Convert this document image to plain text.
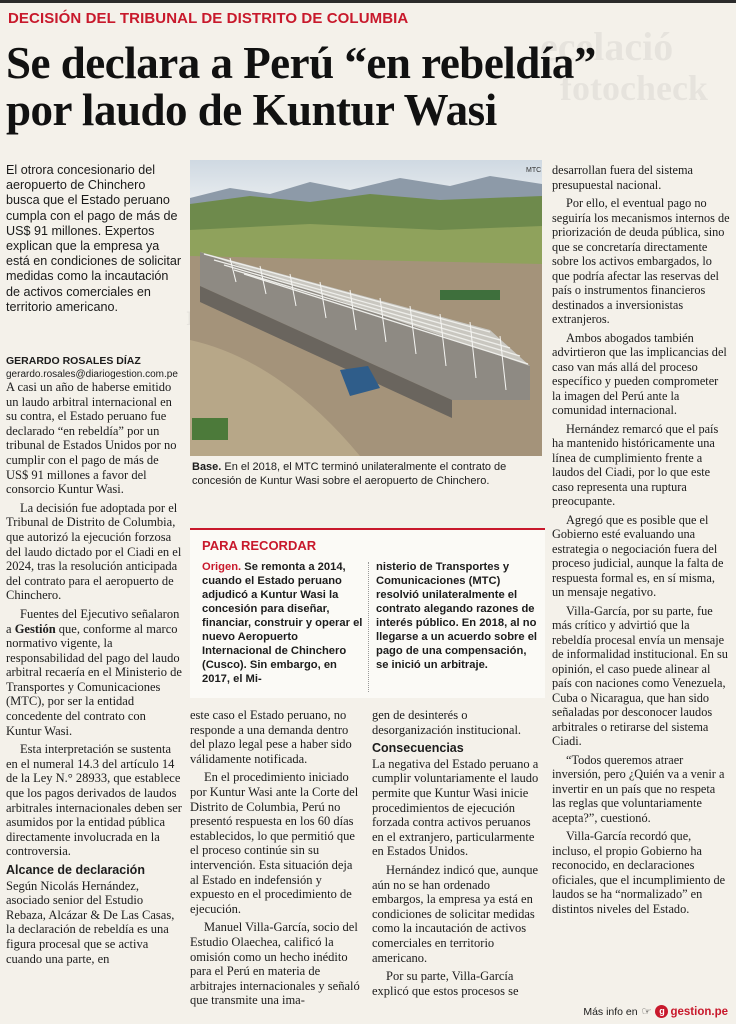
ecelació
fotocheck
DECISIÓN DEL TRIBUNAL DE DISTRITO DE COLUMBIA
Se declara a Perú “en rebeldía”
por laudo de Kuntur Wasi
El otrora concesionario del aeropuerto de Chinchero busca que el Estado peruano cumpla con el pago de más de US$ 91 millones. Expertos explican que la empresa ya está en condiciones de solicitar medidas como la incautación de activos comerciales en territorio americano.
GERARDO ROSALES DÍAZ
gerardo.rosales@diariogestion.com.pe

A casi un año de haberse emitido un laudo arbitral internacional en su contra, el Estado peruano fue declarado “en rebeldía” por un tribunal de Estados Unidos por no cumplir con el pago de más de US$ 91 millones a favor del consorcio Kuntur Wasi.

La decisión fue adoptada por el Tribunal de Distrito de Columbia, que autorizó la ejecución forzosa del laudo dictado por el Ciadi en el 2024, tras la resolución anticipada del contrato para el aeropuerto de Chinchero.

Fuentes del Ejecutivo señalaron a Gestión que, conforme al marco normativo vigente, la responsabilidad del pago del laudo arbitral recaería en el Ministerio de Transportes y Comunicaciones (MTC), por ser la entidad concedente del contrato con Kuntur Wasi.

Esta interpretación se sustenta en el numeral 14.3 del artículo 14 de la Ley N.° 28933, que establece que los pagos derivados de laudos arbitrales internacionales deben ser asumidos por la entidad pública directamente involucrada en la controversia.

Alcance de declaración

Según Nicolás Hernández, asociado senior del Estudio Rebaza, Alcázar & De Las Casas, la declaración de rebeldía es una figura procesal que se activa cuando una parte, en

MTC
Base. En el 2018, el MTC terminó unilateralmente el contrato de concesión de Kuntur Wasi sobre el aeropuerto de Chinchero.
PARA RECORDAR
Origen. Se remonta a 2014, cuando el Estado peruano adjudicó a Kuntur Wasi la concesión para diseñar, financiar, construir y operar el nuevo Aeropuerto Internacional de Chinchero (Cusco). Sin embargo, en 2017, el Mi-
nisterio de Transportes y Comunicaciones (MTC) resolvió unilateralmente el contrato alegando razones de interés público. En 2018, al no llegarse a un acuerdo sobre el pago de una compensación, se inició un arbitraje.

este caso el Estado peruano, no responde a una demanda dentro del plazo legal pese a haber sido válidamente notificada.

En el procedimiento iniciado por Kuntur Wasi ante la Corte del Distrito de Columbia, Perú no presentó respuesta en los 60 días establecidos, lo que permitió que el proceso continúe sin su intervención. Esta situación deja al Estado en indefensión y expuesto en el procedimiento de ejecución.

Manuel Villa-García, socio del Estudio Olaechea, calificó la omisión como un hecho inédito para el Perú en materia de arbitrajes internacionales y señaló que transmite una ima-

gen de desinterés o desorganización institucional.

Consecuencias

La negativa del Estado peruano a cumplir voluntariamente el laudo permite que Kuntur Wasi inicie procedimientos de ejecución forzada contra activos peruanos en el extranjero, particularmente en Estados Unidos.

Hernández indicó que, aunque aún no se han ordenado embargos, la empresa ya está en condiciones de solicitar medidas como la incautación de activos comerciales en territorio americano.

Por su parte, Villa-García explicó que estos procesos se

desarrollan fuera del sistema presupuestal nacional.

Por ello, el eventual pago no seguiría los mecanismos internos de priorización de deuda pública, sino que se concretaría directamente sobre los activos embargados, lo que podría afectar las reservas del país o instrumentos financieros destinados a inversionistas extranjeros.

Ambos abogados también advirtieron que las implicancias del caso van más allá del proceso específico y pueden comprometer la imagen del Perú ante la comunidad internacional.

Hernández remarcó que el país ha mantenido históricamente una línea de cumplimiento frente a laudos del Ciadi, por lo que este caso representa una ruptura preocupante.

Agregó que es posible que el Gobierno esté evaluando una estrategia o negociación fuera del proceso judicial, aunque la falta de respuesta formal es, en sí misma, un mensaje negativo.

Villa-García, por su parte, fue más crítico y advirtió que la rebeldía procesal envía un mensaje de informalidad institucional. En su opinión, el caso puede alinear al país con naciones como Venezuela, Cuba o Nicaragua, que han sido señaladas por desconocer laudos arbitrales o retirarse del sistema Ciadi.

“Todos queremos atraer inversión, pero ¿Quién va a venir a invertir en un país que no respeta las reglas que voluntariamente acepta?”, cuestionó.

Villa-García recordó que, incluso, el propio Gobierno ha reconocido, en declaraciones oficiales, que el incumplimiento de laudos se ha “normalizado” en distintos niveles del Estado.

Más info en ☞ g gestion.pe
